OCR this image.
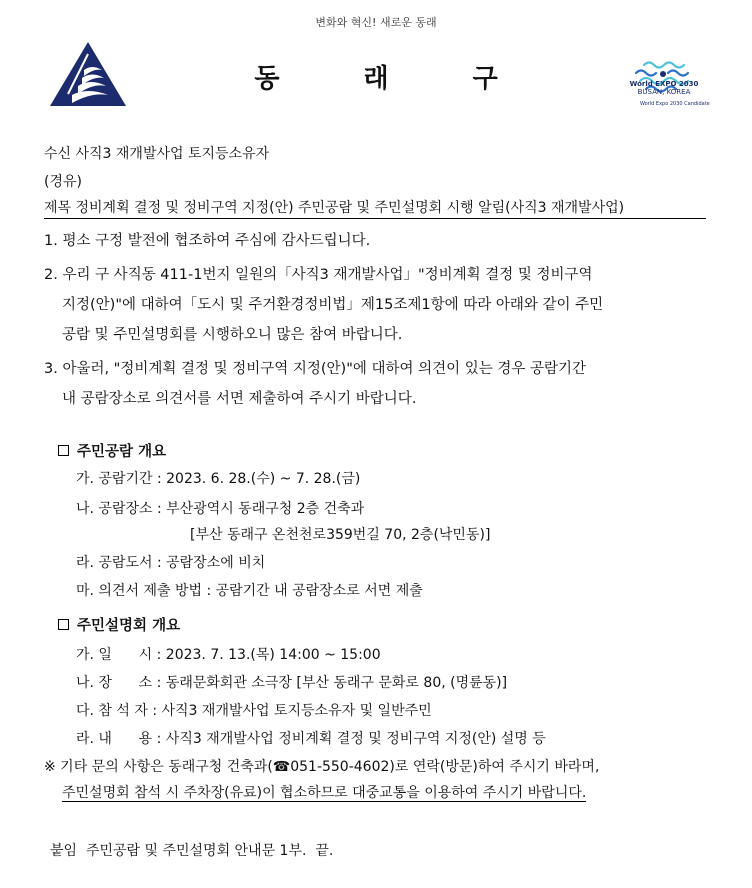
변화와 혁신! 새로운 동래
동	래	구	World EXPO 2030
BUSAN, KOREA
World Expo 2030 Candidate
수신 사직3 재개발사업 토지등소유자
(경유)
제목 정비계획 결정 및 정비구역 지정(안) 주민공람 및 주민설명회 시행 알림(사직3 재개발사업)
1. 평소 구정 발전에 협조하여 주심에 감사드립니다.
2. 우리 구 사직동 411-1번지 일원의「사직3 재개발사업」"정비계획 결정 및 정비구역
지정(안)"에 대하여「도시 및 주거환경정비법」제15조제1항에 따라 아래와 같이 주민
공람 및 주민설명회를 시행하오니 많은 참여 바랍니다.
3. 아울러, "정비계획 결정 및 정비구역 지정(안)"에 대하여 의견이 있는 경우 공람기간
내 공람장소로 의견서를 서면 제출하여 주시기 바랍니다.
주민공람 개요
가. 공람기간 : 2023. 6. 28.(수) ~ 7. 28.(금)
나. 공람장소 : 부산광역시 동래구청 2층 건축과
[부산 동래구 온천천로359번길 70, 2층(낙민동)]
라. 공람도서 : 공람장소에 비치
마. 의견서 제출 방법 : 공람기간 내 공람장소로 서면 제출
주민설명회 개요
가. 일      시 : 2023. 7. 13.(목) 14:00 ~ 15:00
나. 장      소 : 동래문화회관 소극장 [부산 동래구 문화로 80, (명륜동)]
다. 참 석 자 : 사직3 재개발사업 토지등소유자 및 일반주민
라. 내      용 : 사직3 재개발사업 정비계획 결정 및 정비구역 지정(안) 설명 등
※ 기타 문의 사항은 동래구청 건축과(☎051-550-4602)로 연락(방문)하여 주시기 바라며,
주민설명회 참석 시 주차장(유료)이 협소하므로 대중교통을 이용하여 주시기 바랍니다.
붙임  주민공람 및 주민설명회 안내문 1부.  끝.
